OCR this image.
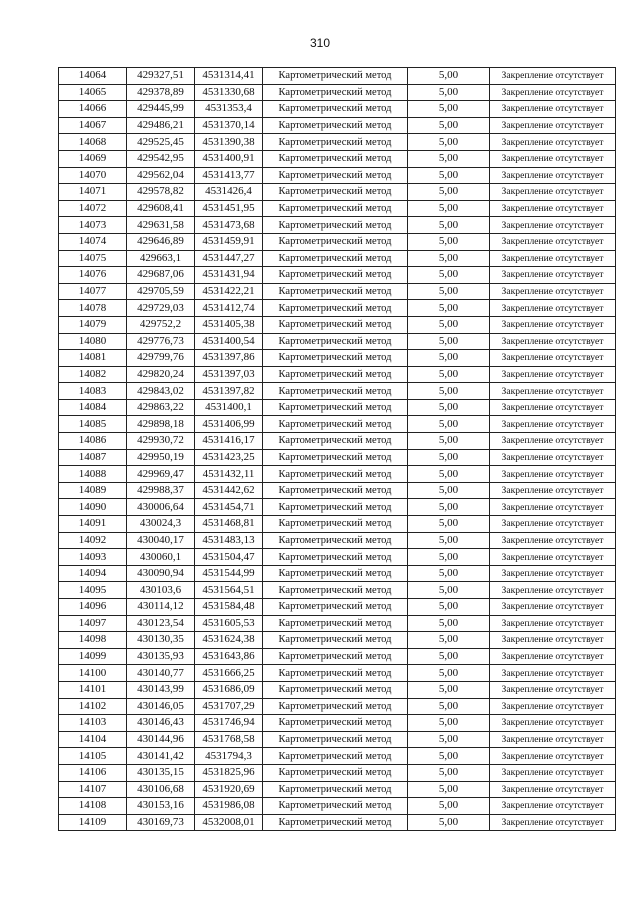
310
14064	429327,51	4531314,41	Картометрический метод	5,00	Закрепление отсутствует
14065	429378,89	4531330,68	Картометрический метод	5,00	Закрепление отсутствует
14066	429445,99	4531353,4	Картометрический метод	5,00	Закрепление отсутствует
14067	429486,21	4531370,14	Картометрический метод	5,00	Закрепление отсутствует
14068	429525,45	4531390,38	Картометрический метод	5,00	Закрепление отсутствует
14069	429542,95	4531400,91	Картометрический метод	5,00	Закрепление отсутствует
14070	429562,04	4531413,77	Картометрический метод	5,00	Закрепление отсутствует
14071	429578,82	4531426,4	Картометрический метод	5,00	Закрепление отсутствует
14072	429608,41	4531451,95	Картометрический метод	5,00	Закрепление отсутствует
14073	429631,58	4531473,68	Картометрический метод	5,00	Закрепление отсутствует
14074	429646,89	4531459,91	Картометрический метод	5,00	Закрепление отсутствует
14075	429663,1	4531447,27	Картометрический метод	5,00	Закрепление отсутствует
14076	429687,06	4531431,94	Картометрический метод	5,00	Закрепление отсутствует
14077	429705,59	4531422,21	Картометрический метод	5,00	Закрепление отсутствует
14078	429729,03	4531412,74	Картометрический метод	5,00	Закрепление отсутствует
14079	429752,2	4531405,38	Картометрический метод	5,00	Закрепление отсутствует
14080	429776,73	4531400,54	Картометрический метод	5,00	Закрепление отсутствует
14081	429799,76	4531397,86	Картометрический метод	5,00	Закрепление отсутствует
14082	429820,24	4531397,03	Картометрический метод	5,00	Закрепление отсутствует
14083	429843,02	4531397,82	Картометрический метод	5,00	Закрепление отсутствует
14084	429863,22	4531400,1	Картометрический метод	5,00	Закрепление отсутствует
14085	429898,18	4531406,99	Картометрический метод	5,00	Закрепление отсутствует
14086	429930,72	4531416,17	Картометрический метод	5,00	Закрепление отсутствует
14087	429950,19	4531423,25	Картометрический метод	5,00	Закрепление отсутствует
14088	429969,47	4531432,11	Картометрический метод	5,00	Закрепление отсутствует
14089	429988,37	4531442,62	Картометрический метод	5,00	Закрепление отсутствует
14090	430006,64	4531454,71	Картометрический метод	5,00	Закрепление отсутствует
14091	430024,3	4531468,81	Картометрический метод	5,00	Закрепление отсутствует
14092	430040,17	4531483,13	Картометрический метод	5,00	Закрепление отсутствует
14093	430060,1	4531504,47	Картометрический метод	5,00	Закрепление отсутствует
14094	430090,94	4531544,99	Картометрический метод	5,00	Закрепление отсутствует
14095	430103,6	4531564,51	Картометрический метод	5,00	Закрепление отсутствует
14096	430114,12	4531584,48	Картометрический метод	5,00	Закрепление отсутствует
14097	430123,54	4531605,53	Картометрический метод	5,00	Закрепление отсутствует
14098	430130,35	4531624,38	Картометрический метод	5,00	Закрепление отсутствует
14099	430135,93	4531643,86	Картометрический метод	5,00	Закрепление отсутствует
14100	430140,77	4531666,25	Картометрический метод	5,00	Закрепление отсутствует
14101	430143,99	4531686,09	Картометрический метод	5,00	Закрепление отсутствует
14102	430146,05	4531707,29	Картометрический метод	5,00	Закрепление отсутствует
14103	430146,43	4531746,94	Картометрический метод	5,00	Закрепление отсутствует
14104	430144,96	4531768,58	Картометрический метод	5,00	Закрепление отсутствует
14105	430141,42	4531794,3	Картометрический метод	5,00	Закрепление отсутствует
14106	430135,15	4531825,96	Картометрический метод	5,00	Закрепление отсутствует
14107	430106,68	4531920,69	Картометрический метод	5,00	Закрепление отсутствует
14108	430153,16	4531986,08	Картометрический метод	5,00	Закрепление отсутствует
14109	430169,73	4532008,01	Картометрический метод	5,00	Закрепление отсутствует
